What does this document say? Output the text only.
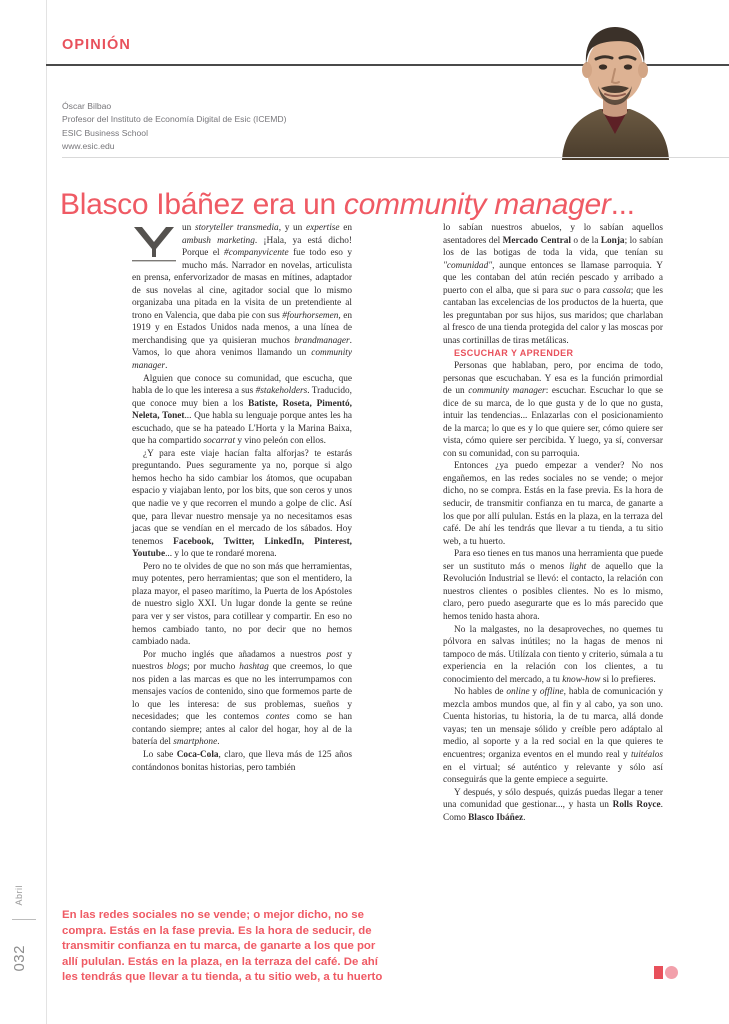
Abril
032
OPINIÓN
Óscar Bilbao
Profesor del Instituto de Economía Digital de Esic (ICEMD)
ESIC Business School
www.esic.edu
Blasco Ibáñez era un community manager...

un storyteller transmedia, y un expertise en ambush marketing. ¡Hala, ya está dicho! Porque el #companyvicente fue todo eso y mucho más. Narrador en novelas, articulista en prensa, enfervorizador de masas en mítines, adaptador de sus novelas al cine, agitador social que lo mismo organizaba una pitada en la visita de un pretendiente al trono en Valencia, que daba pie con sus #fourhorsemen, en 1919 y en Estados Unidos nada menos, a una línea de merchandising que ya quisieran muchos brandmanager. Vamos, lo que ahora venimos llamando un community manager.

Alguien que conoce su comunidad, que escucha, que habla de lo que les interesa a sus #stakeholders. Traducido, que conoce muy bien a los Batiste, Roseta, Pimentó, Neleta, Tonet... Que habla su lenguaje porque antes les ha escuchado, que se ha pateado L'Horta y la Marina Baixa, que ha compartido socarrat y vino peleón con ellos.

¿Y para este viaje hacían falta alforjas? te estarás preguntando. Pues seguramente ya no, porque si algo hemos hecho ha sido cambiar los átomos, que ocupaban espacio y viajaban lento, por los bits, que son ceros y unos que nadie ve y que recorren el mundo a golpe de clic. Así que, para llevar nuestro mensaje ya no necesitamos esas jacas que se vendían en el mercado de los sábados. Hoy tenemos Facebook, Twitter, LinkedIn, Pinterest, Youtube... y lo que te rondaré morena.

Pero no te olvides de que no son más que herramientas, muy potentes, pero herramientas; que son el mentidero, la plaza mayor, el paseo marítimo, la Puerta de los Apóstoles de nuestro siglo XXI. Un lugar donde la gente se reúne para ver y ser vistos, para cotillear y compartir. En eso no hemos cambiado tanto, no por decir que no hemos cambiado nada.

Por mucho inglés que añadamos a nuestros post y nuestros blogs; por mucho hashtag que creemos, lo que nos piden a las marcas es que no les interrumpamos con mensajes vacíos de contenido, sino que formemos parte de lo que les interesa: de sus problemas, sueños y necesidades; que les contemos contes como se han contando siempre; antes al calor del hogar, hoy al de la batería del smartphone.

Lo sabe Coca-Cola, claro, que lleva más de 125 años contándonos bonitas historias, pero también

lo sabían nuestros abuelos, y lo sabían aquellos asentadores del Mercado Central o de la Lonja; lo sabían los de las botigas de toda la vida, que tenían su "comunidad", aunque entonces se llamase parroquia. Y que les contaban del atún recién pescado y arribado a puerto con el alba, que si para suc o para cassola; que les cantaban las excelencias de los productos de la huerta, que les preguntaban por sus hijos, sus maridos; que charlaban al fresco de una tienda protegida del calor y las moscas por unas cortinillas de tiras metálicas.

ESCUCHAR Y APRENDER

Personas que hablaban, pero, por encima de todo, personas que escuchaban. Y esa es la función primordial de un community manager: escuchar. Escuchar lo que se dice de su marca, de lo que gusta y de lo que no gusta, intuir las tendencias... Enlazarlas con el posicionamiento de la marca; lo que es y lo que quiere ser, cómo quiere ser vista, cómo quiere ser percibida. Y luego, ya sí, conversar con su comunidad, con su parroquia.

Entonces ¿ya puedo empezar a vender? No nos engañemos, en las redes sociales no se vende; o mejor dicho, no se compra. Estás en la fase previa. Es la hora de seducir, de transmitir confianza en tu marca, de ganarte a los que por allí pululan. Estás en la plaza, en la terraza del café. De ahí les tendrás que llevar a tu tienda, a tu sitio web, a tu huerto.

Para eso tienes en tus manos una herramienta que puede ser un sustituto más o menos light de aquello que la Revolución Industrial se llevó: el contacto, la relación con nuestros clientes o posibles clientes. No es lo mismo, claro, pero puedo asegurarte que es lo más parecido que hemos tenido hasta ahora.

No la malgastes, no la desaproveches, no quemes tu pólvora en salvas inútiles; no la hagas de menos ni tampoco de más. Utilízala con tiento y criterio, súmala a tu experiencia en la relación con los clientes, a tu conocimiento del mercado, a tu know-how si lo prefieres.

No hables de online y offline, habla de comunicación y mezcla ambos mundos que, al fin y al cabo, ya son uno. Cuenta historias, tu historia, la de tu marca, allá donde vayas; ten un mensaje sólido y creíble pero adáptalo al medio, al soporte y a la red social en la que quieres te encuentres; organiza eventos en el mundo real y tuitéalos en el virtual; sé auténtico y relevante y sólo así conseguirás que la gente empiece a seguirte.

Y después, y sólo después, quizás puedas llegar a tener una comunidad que gestionar..., y hasta un Rolls Royce. Como Blasco Ibáñez.

En las redes sociales no se vende; o mejor dicho, no se compra. Estás en la fase previa. Es la hora de seducir, de transmitir confianza en tu marca, de ganarte a los que por allí pululan. Estás en la plaza, en la terraza del café. De ahí les tendrás que llevar a tu tienda, a tu sitio web, a tu huerto
